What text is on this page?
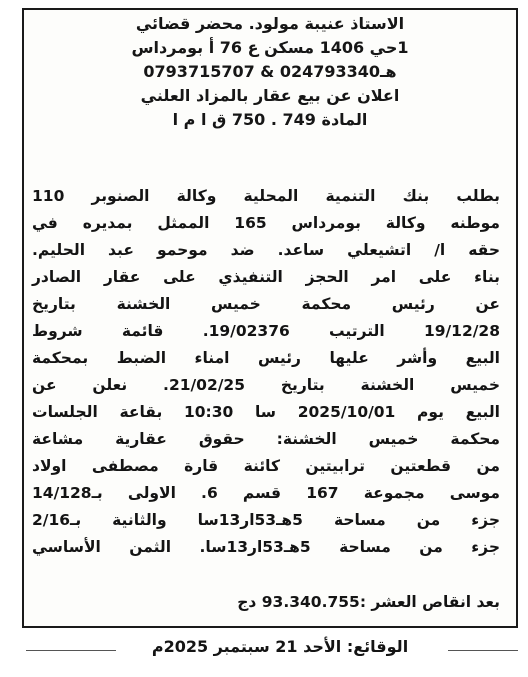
الاستاذ عنيبة مولود. محضر قضائي
1حي 1406 مسكن ع 76 أ بومرداس
هـ024793340 & 0793715707
اعلان عن بيع عقار بالمزاد العلني
المادة 749 . 750 ق ا م ا
بطلب بنك التنمية المحلية وكالة الصنوبر 110
موطنه وكالة بومرداس 165 الممثل بمديره في
حقه ا/ اتشيعلي ساعد. ضد موحمو عبد الحليم.
بناء على امر الحجز التنفيذي على عقار الصادر
عن رئيس محكمة خميس الخشنة بتاريخ
19/12/28 الترتيب 19/02376. قائمة شروط
البيع وأشر عليها رئيس امناء الضبط بمحكمة
خميس الخشنة بتاريخ 21/02/25. نعلن عن
البيع يوم 2025/10/01 سا 10:30 بقاعة الجلسات
محكمة خميس الخشنة: حقوق عقارية مشاعة
من قطعتين ترابيتين كائنة قارة مصطفى اولاد
موسى مجموعة 167 قسم 6. الاولى بـ14/128
جزء من مساحة 5هـ53ار13سا والثانية بـ2/16
جزء من مساحة 5هـ53ار13سا. الثمن الأساسي
بعد انقاص العشر :93.340.755 دج
الوقائع: الأحد 21 سبتمبر 2025م
